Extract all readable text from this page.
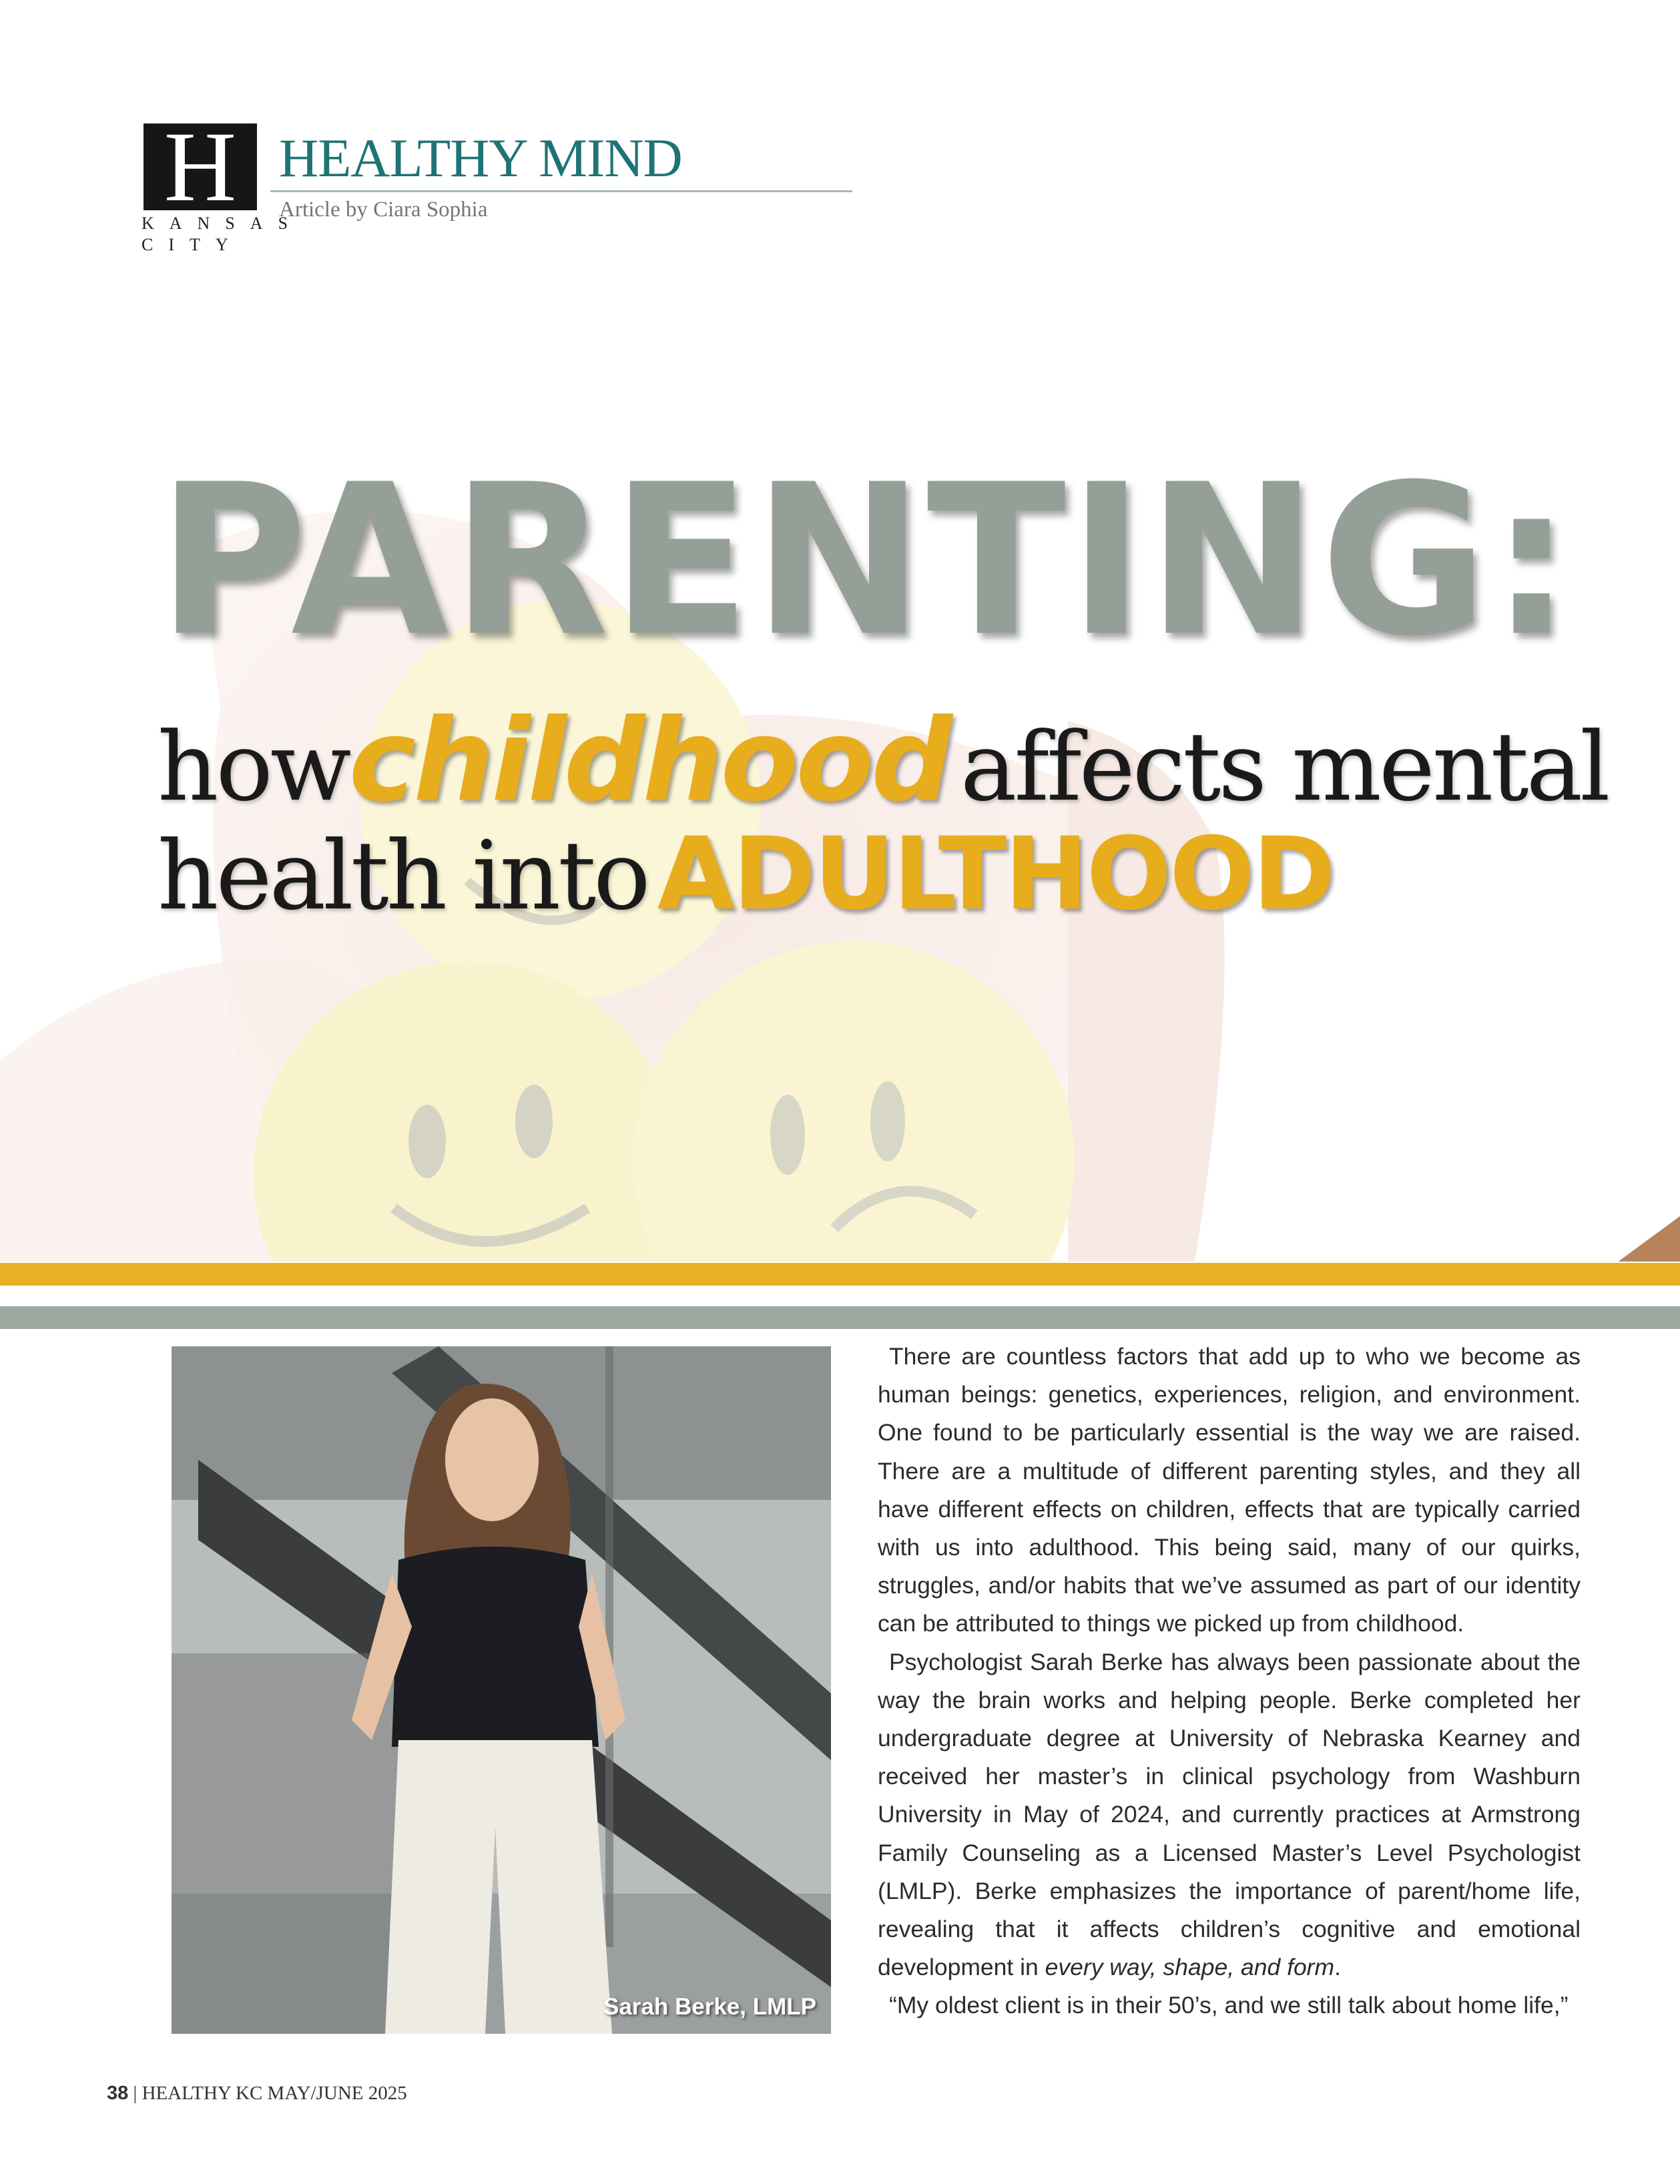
H
KANSAS
CITY
HEALTHY MIND
Article by Ciara Sophia
PARENTING:
howchildhood affects mental
health intoADULTHOOD
Sarah Berke, LMLP

There are countless factors that add up to who we become as human beings: genetics, experiences, religion, and environment. One found to be particularly essential is the way we are raised. There are a multitude of different parenting styles, and they all have different effects on children, effects that are typically carried with us into adulthood. This being said, many of our quirks, struggles, and/or habits that we’ve assumed as part of our identity can be attributed to things we picked up from childhood.

Psychologist Sarah Berke has always been passionate about the way the brain works and helping people. Berke completed her undergraduate degree at University of Nebraska Kearney and received her master’s in clinical psychology from Washburn University in May of 2024, and currently practices at Armstrong Family Counseling as a Licensed Master’s Level Psychologist (LMLP). Berke emphasizes the importance of parent/home life, revealing that it affects children’s cognitive and emotional development in every way, shape, and form.

“My oldest client is in their 50’s, and we still talk about home life,”

38 | HEALTHY KC MAY/JUNE 2025
